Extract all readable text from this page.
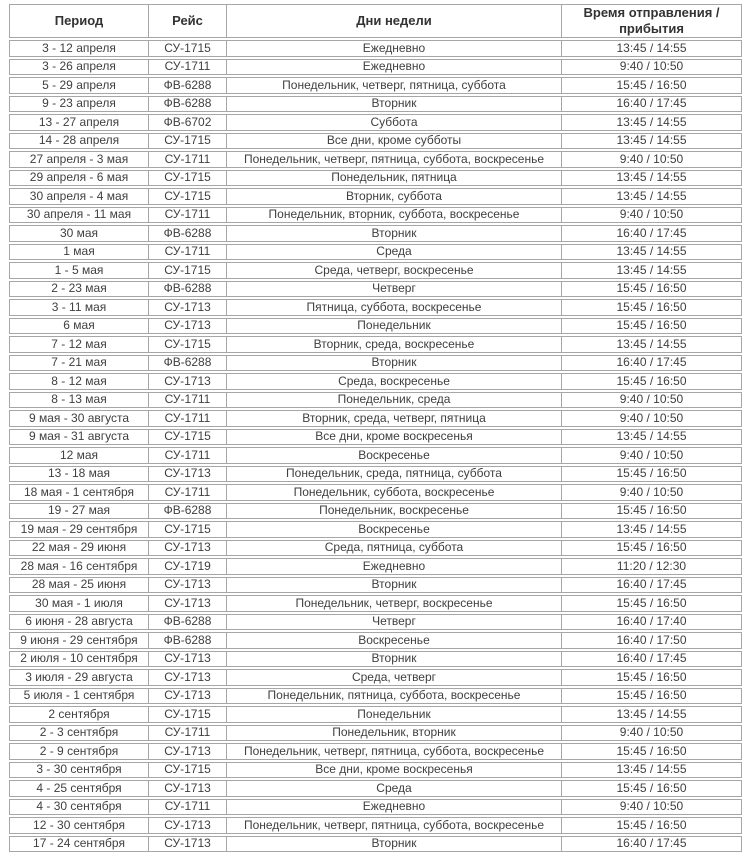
Период	Рейс	Дни недели	Время отправления / прибытия
3 - 12 апреля	СУ-1715	Ежедневно	13:45 / 14:55
3 - 26 апреля	СУ-1711	Ежедневно	9:40 / 10:50
5 - 29 апреля	ФВ-6288	Понедельник, четверг, пятница, суббота	15:45 / 16:50
9 - 23 апреля	ФВ-6288	Вторник	16:40 / 17:45
13 - 27 апреля	ФВ-6702	Суббота	13:45 / 14:55
14 - 28 апреля	СУ-1715	Все дни, кроме субботы	13:45 / 14:55
27 апреля - 3 мая	СУ-1711	Понедельник, четверг, пятница, суббота, воскресенье	9:40 / 10:50
29 апреля - 6 мая	СУ-1715	Понедельник, пятница	13:45 / 14:55
30 апреля - 4 мая	СУ-1715	Вторник, суббота	13:45 / 14:55
30 апреля - 11 мая	СУ-1711	Понедельник, вторник, суббота, воскресенье	9:40 / 10:50
30 мая	ФВ-6288	Вторник	16:40 / 17:45
1 мая	СУ-1711	Среда	13:45 / 14:55
1 - 5 мая	СУ-1715	Среда, четверг, воскресенье	13:45 / 14:55
2 - 23 мая	ФВ-6288	Четверг	15:45 / 16:50
3 - 11 мая	СУ-1713	Пятница, суббота, воскресенье	15:45 / 16:50
6 мая	СУ-1713	Понедельник	15:45 / 16:50
7 - 12 мая	СУ-1715	Вторник, среда, воскресенье	13:45 / 14:55
7 - 21 мая	ФВ-6288	Вторник	16:40 / 17:45
8 - 12 мая	СУ-1713	Среда, воскресенье	15:45 / 16:50
8 - 13 мая	СУ-1711	Понедельник, среда	9:40 / 10:50
9 мая - 30 августа	СУ-1711	Вторник, среда, четверг, пятница	9:40 / 10:50
9 мая - 31 августа	СУ-1715	Все дни, кроме воскресенья	13:45 / 14:55
12 мая	СУ-1711	Воскресенье	9:40 / 10:50
13 - 18 мая	СУ-1713	Понедельник, среда, пятница, суббота	15:45 / 16:50
18 мая - 1 сентября	СУ-1711	Понедельник, суббота, воскресенье	9:40 / 10:50
19 - 27 мая	ФВ-6288	Понедельник, воскресенье	15:45 / 16:50
19 мая - 29 сентября	СУ-1715	Воскресенье	13:45 / 14:55
22 мая - 29 июня	СУ-1713	Среда, пятница, суббота	15:45 / 16:50
28 мая - 16 сентября	СУ-1719	Ежедневно	11:20 / 12:30
28 мая - 25 июня	СУ-1713	Вторник	16:40 / 17:45
30 мая - 1 июля	СУ-1713	Понедельник, четверг, воскресенье	15:45 / 16:50
6 июня - 28 августа	ФВ-6288	Четверг	16:40 / 17:40
9 июня - 29 сентября	ФВ-6288	Воскресенье	16:40 / 17:50
2 июля - 10 сентября	СУ-1713	Вторник	16:40 / 17:45
3 июля - 29 августа	СУ-1713	Среда, четверг	15:45 / 16:50
5 июля - 1 сентября	СУ-1713	Понедельник, пятница, суббота, воскресенье	15:45 / 16:50
2 сентября	СУ-1715	Понедельник	13:45 / 14:55
2 - 3 сентября	СУ-1711	Понедельник, вторник	9:40 / 10:50
2 - 9 сентября	СУ-1713	Понедельник, четверг, пятница, суббота, воскресенье	15:45 / 16:50
3 - 30 сентября	СУ-1715	Все дни, кроме воскресенья	13:45 / 14:55
4 - 25 сентября	СУ-1713	Среда	15:45 / 16:50
4 - 30 сентября	СУ-1711	Ежедневно	9:40 / 10:50
12 - 30 сентября	СУ-1713	Понедельник, четверг, пятница, суббота, воскресенье	15:45 / 16:50
17 - 24 сентября	СУ-1713	Вторник	16:40 / 17:45
